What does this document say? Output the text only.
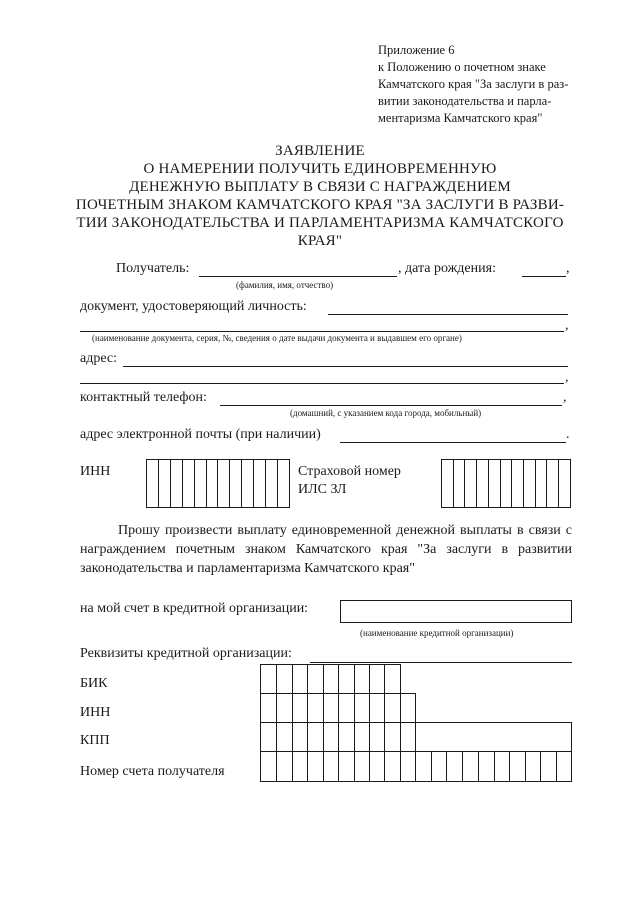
Приложение 6
к Положению о почетном знаке
Камчатского края "За заслуги в раз-
витии законодательства и парла-
ментаризма Камчатского края"
ЗАЯВЛЕНИЕ
О НАМЕРЕНИИ ПОЛУЧИТЬ ЕДИНОВРЕМЕННУЮ
ДЕНЕЖНУЮ ВЫПЛАТУ В СВЯЗИ С НАГРАЖДЕНИЕМ
ПОЧЕТНЫМ ЗНАКОМ КАМЧАТСКОГО КРАЯ "ЗА ЗАСЛУГИ В РАЗВИ-
ТИИ ЗАКОНОДАТЕЛЬСТВА И ПАРЛАМЕНТАРИЗМА КАМЧАТСКОГО
КРАЯ"
Получатель:	, дата рождения:	,
(фамилия, имя, отчество)
документ, удостоверяющий личность:
,
(наименование документа, серия, №, сведения о дате выдачи документа и выдавшем его органе)
адрес:
,
контактный телефон:	,
(домашний, с указанием кода города, мобильный)
адрес электронной почты (при наличии)	.
ИНН
												Страховой номер
ИЛС ЗЛ

Прошу произвести выплату единовременной денежной выплаты в связи с награждением почетным знаком Камчатского края "За заслуги в развитии законодательства и парламентаризма Камчатского края"
на мой счет в кредитной организации:
(наименование кредитной организации)
Реквизиты кредитной организации:
БИК
ИНН
КПП
Номер счета получателя
